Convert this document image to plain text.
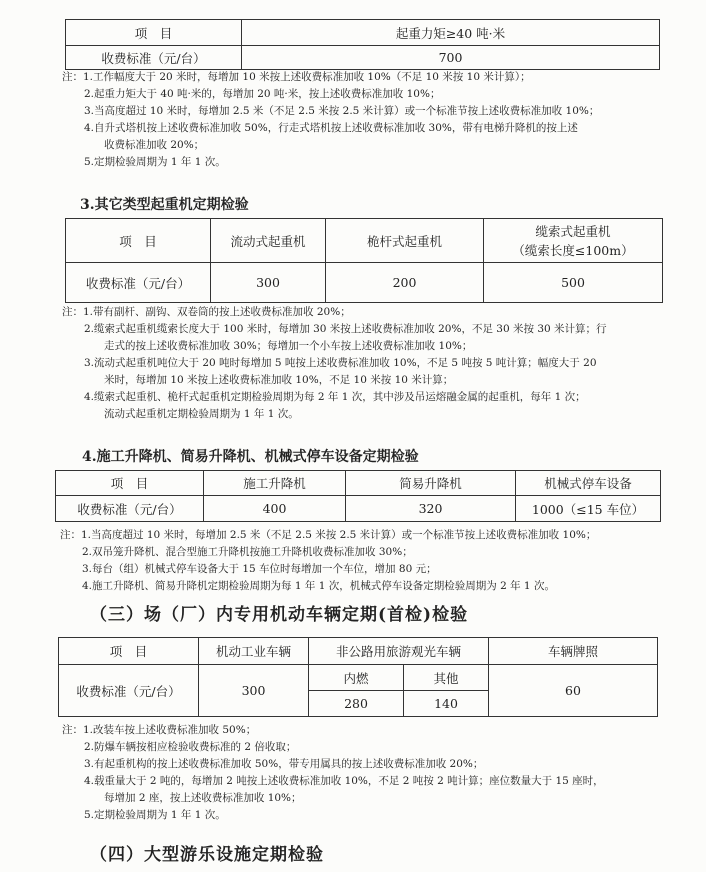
项　目	起重力矩≥40 吨·米
收费标准（元/台）	700
注：1.工作幅度大于 20 米时，每增加 10 米按上述收费标准加收 10%（不足 10 米按 10 米计算）；
2.起重力矩大于 40 吨·米的，每增加 20 吨·米，按上述收费标准加收 10%；
3.当高度超过 10 米时，每增加 2.5 米（不足 2.5 米按 2.5 米计算）或一个标准节按上述收费标准加收 10%；
4.自升式塔机按上述收费标准加收 50%，行走式塔机按上述收费标准加收 30%，带有电梯升降机的按上述
收费标准加收 20%；
5.定期检验周期为 1 年 1 次。
3.其它类型起重机定期检验
项　目	流动式起重机	桅杆式起重机	缆索式起重机
（缆索长度≤100m）

收费标准（元/台）	300	200	500
注：1.带有副杆、副钩、双卷筒的按上述收费标准加收 20%；
2.缆索式起重机缆索长度大于 100 米时，每增加 30 米按上述收费标准加收 20%，不足 30 米按 30 米计算；行
走式的按上述收费标准加收 30%；每增加一个小车按上述收费标准加收 10%；
3.流动式起重机吨位大于 20 吨时每增加 5 吨按上述收费标准加收 10%，不足 5 吨按 5 吨计算；幅度大于 20
米时，每增加 10 米按上述收费标准加收 10%，不足 10 米按 10 米计算；
4.缆索式起重机、桅杆式起重机定期检验周期为每 2 年 1 次，其中涉及吊运熔融金属的起重机，每年 1 次；
流动式起重机定期检验周期为 1 年 1 次。
4.施工升降机、简易升降机、机械式停车设备定期检验
项　目	施工升降机	简易升降机	机械式停车设备
收费标准（元/台）	400	320	1000（≤15 车位）
注：1.当高度超过 10 米时，每增加 2.5 米（不足 2.5 米按 2.5 米计算）或一个标准节按上述收费标准加收 10%；
2.双吊笼升降机、混合型施工升降机按施工升降机收费标准加收 30%；
3.每台（组）机械式停车设备大于 15 车位时每增加一个车位，增加 80 元；
4.施工升降机、简易升降机定期检验周期为每 1 年 1 次，机械式停车设备定期检验周期为 2 年 1 次。
（三）场（厂）内专用机动车辆定期(首检)检验
项　目	机动工业车辆	非公路用旅游观光车辆		车辆牌照
收费标准（元/台）	300	内燃	其他	60
		280	140	
注：1.改装车按上述收费标准加收 50%；
2.防爆车辆按相应检验收费标准的 2 倍收取；
3.有起重机构的按上述收费标准加收 50%，带专用属具的按上述收费标准加收 20%；
4.载重量大于 2 吨的，每增加 2 吨按上述收费标准加收 10%，不足 2 吨按 2 吨计算；座位数量大于 15 座时，
每增加 2 座，按上述收费标准加收 10%；
5.定期检验周期为 1 年 1 次。
（四）大型游乐设施定期检验
